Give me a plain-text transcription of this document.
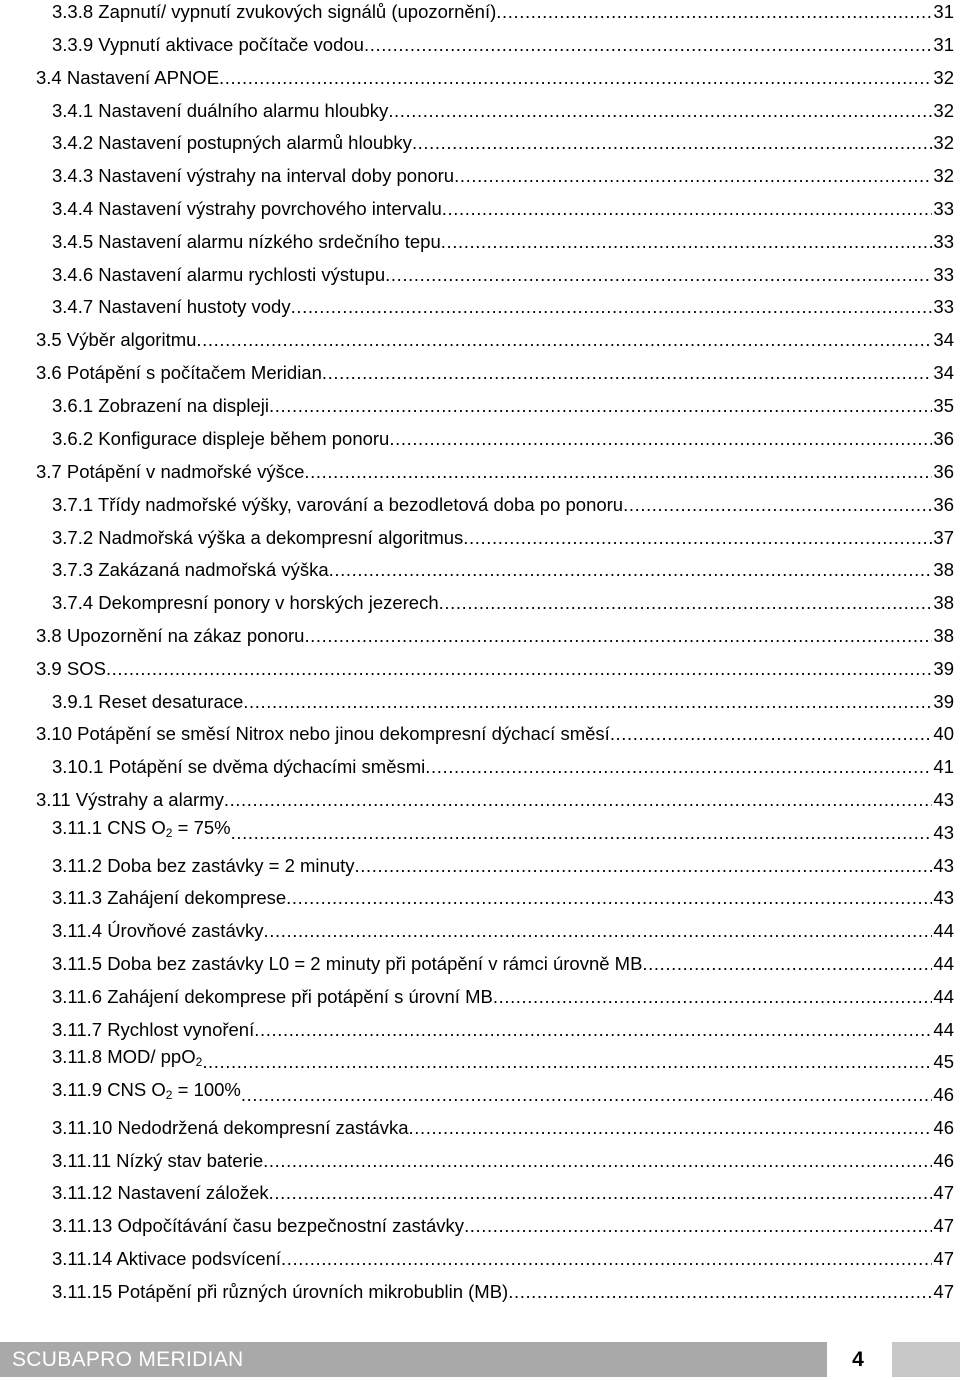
3.3.8 Zapnutí/ vypnutí zvukových signálů (upozornění) .....	31
3.3.9 Vypnutí aktivace počítače vodou .....	31
3.4 Nastavení APNOE .....	32
3.4.1 Nastavení duálního alarmu hloubky .....	32
3.4.2 Nastavení postupných alarmů hloubky .....	32
3.4.3 Nastavení výstrahy na interval doby ponoru .....	32
3.4.4 Nastavení výstrahy povrchového intervalu .....	33
3.4.5 Nastavení alarmu nízkého srdečního tepu .....	33
3.4.6 Nastavení alarmu rychlosti výstupu .....	33
3.4.7 Nastavení hustoty vody .....	33
3.5 Výběr algoritmu .....	34
3.6 Potápění s počítačem Meridian .....	34
3.6.1 Zobrazení na displeji .....	35
3.6.2 Konfigurace displeje během ponoru .....	36
3.7 Potápění v nadmořské výšce .....	36
3.7.1 Třídy nadmořské výšky, varování a bezodletová doba po ponoru .....	36
3.7.2 Nadmořská výška a dekompresní algoritmus .....	37
3.7.3 Zakázaná nadmořská výška .....	38
3.7.4 Dekompresní ponory v horských jezerech .....	38
3.8 Upozornění na zákaz ponoru .....	38
3.9 SOS .....	39
3.9.1 Reset desaturace .....	39
3.10 Potápění se směsí Nitrox nebo jinou dekompresní dýchací směsí .....	40
3.10.1 Potápění se dvěma dýchacími směsmi .....	41
3.11 Výstrahy a alarmy .....	43
3.11.1 CNS $O_2 = 75\%$ .....	43
3.11.2 Doba bez zastávky = 2 minuty .....	43
3.11.3 Zahájení dekomprese .....	43
3.11.4 Úrovňové zastávky .....	44
3.11.5 Doba bez zastávky L0 = 2 minuty při potápění v rámci úrovně MB .....	44
3.11.6 Zahájení dekomprese při potápění s úrovní MB .....	44
3.11.7 Rychlost vynoření .....	44
3.11.8 MOD/ ppO$_2$ .....	45
3.11.9 CNS $O_2 = 100\%$ .....	46
3.11.10 Nedodržená dekompresní zastávka .....	46
3.11.11 Nízký stav baterie .....	46
3.11.12 Nastavení záložek .....	47
3.11.13 Odpočítávání času bezpečnostní zastávky .....	47
3.11.14 Aktivace podsvícení .....	47
3.11.15 Potápění při různých úrovních mikrobublin (MB) .....	47
SCUBAPRO MERIDIAN	4
